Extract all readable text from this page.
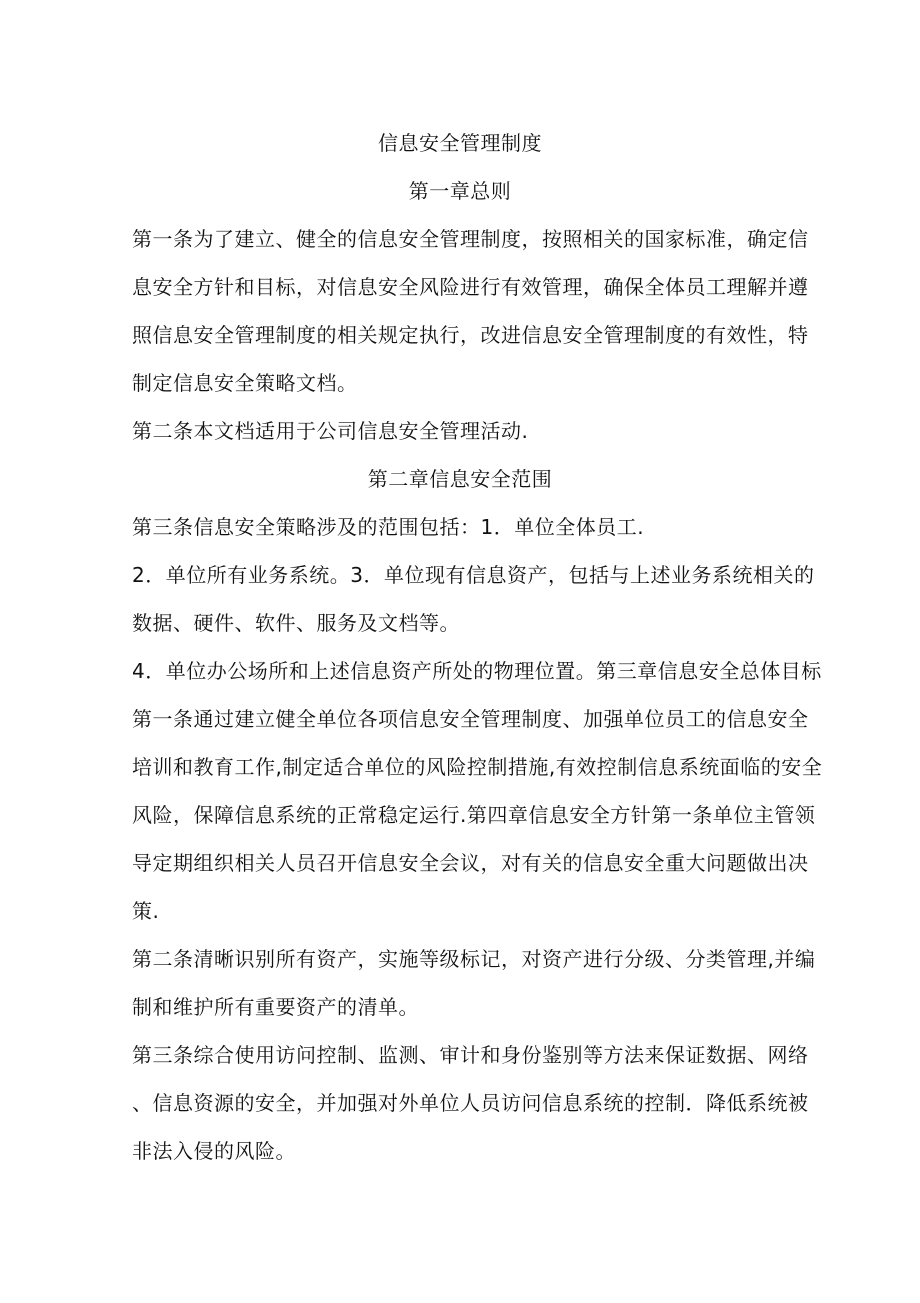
信息安全管理制度
第一章总则
第一条为了建立、健全的信息安全管理制度，按照相关的国家标准，确定信
息安全方针和目标，对信息安全风险进行有效管理，确保全体员工理解并遵
照信息安全管理制度的相关规定执行，改进信息安全管理制度的有效性，特
制定信息安全策略文档。
第二条本文档适用于公司信息安全管理活动.
第二章信息安全范围
第三条信息安全策略涉及的范围包括：1．单位全体员工.
2．单位所有业务系统。3．单位现有信息资产，包括与上述业务系统相关的
数据、硬件、软件、服务及文档等。
4．单位办公场所和上述信息资产所处的物理位置。第三章信息安全总体目标
第一条通过建立健全单位各项信息安全管理制度、加强单位员工的信息安全
培训和教育工作,制定适合单位的风险控制措施,有效控制信息系统面临的安全
风险，保障信息系统的正常稳定运行.第四章信息安全方针第一条单位主管领
导定期组织相关人员召开信息安全会议，对有关的信息安全重大问题做出决
策.
第二条清晰识别所有资产，实施等级标记，对资产进行分级、分类管理,并编
制和维护所有重要资产的清单。
第三条综合使用访问控制、监测、审计和身份鉴别等方法来保证数据、网络
、信息资源的安全，并加强对外单位人员访问信息系统的控制．降低系统被
非法入侵的风险。
